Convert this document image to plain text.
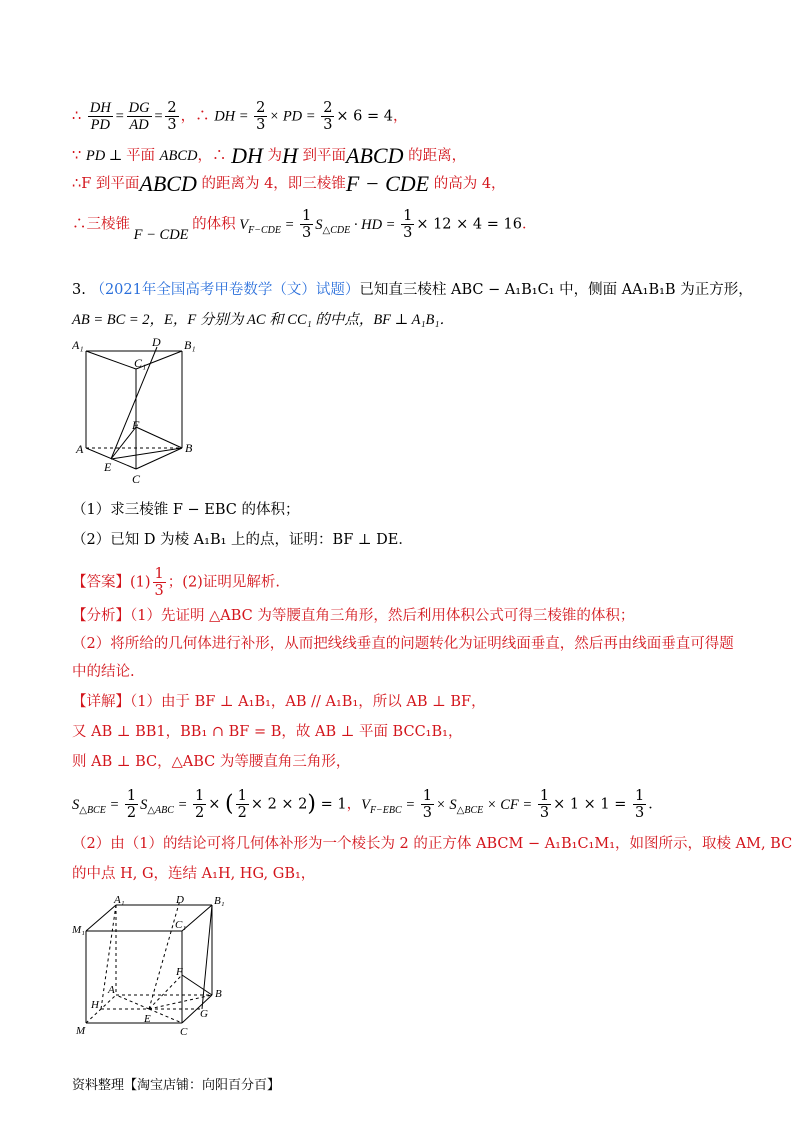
∴ $\frac{DH}{PD} = \frac{DG}{AD} = \frac{2}{3}$ ，∴ DH = $\frac{2}{3}$ × PD = $\frac{2}{3} \times 6 = 4$，
∵ PD ⊥ 平面 ABCD，∴ DH 为H 到平面ABCD 的距离，
∴F 到平面ABCD 的距离为 4，即三棱锥F − CDE 的高为 4，
∴三棱锥 F − CDE 的体积 $V_{F-CDE} = \frac{1}{3} S_{\triangle CDE}$ · HD = $\frac{1}{3} \times 12 \times 4 = 16$．
3. （2021年全国高考甲卷数学（文）试题）已知直三棱柱 ABC − A₁B₁C₁ 中，侧面 AA₁B₁B 为正方形，
AB = BC = 2，E，F 分别为 AC 和 CC₁ 的中点，BF ⊥ A₁B₁．
A₁	D B₁
C₁
F
A	B
E
C
（1）求三棱锥 F − EBC 的体积；
（2）已知 D 为棱 A₁B₁ 上的点，证明：BF ⊥ DE．
【答案】$(1) \frac{1}{3}$ ；(2)证明见解析.
【分析】（1）先证明 △ABC 为等腰直角三角形，然后利用体积公式可得三棱锥的体积；
（2）将所给的几何体进行补形，从而把线线垂直的问题转化为证明线面垂直，然后再由线面垂直可得题
中的结论.
【详解】（1）由于 BF ⊥ A₁B₁，AB // A₁B₁，所以 AB ⊥ BF，
又 AB ⊥ BB1，BB₁ ∩ BF = B，故 AB ⊥ 平面 BCC₁B₁，
则 AB ⊥ BC，△ABC 为等腰直角三角形，
$S_{\triangle BCE} = \frac{1}{2} S_{\triangle ABC} = \frac{1}{2}$ × ( $\frac{1}{2} \times 2 \times 2) = 1$，$V_{F-EBC} = \frac{1}{3} \times S_{\triangle BCE}$ × CF = $\frac{1}{3} \times 1 \times 1 = \frac{1}{3}$ ．
（2）由（1）的结论可将几何体补形为一个棱长为 2 的正方体 ABCM − A₁B₁C₁M₁，如图所示，取棱 AM, BC
的中点 H, G，连结 A₁H, HG, GB₁，
A₁	D	B₁
M₁	C₁
F
A	B
H
E	G
M	C
资料整理【淘宝店铺：向阳百分百】
